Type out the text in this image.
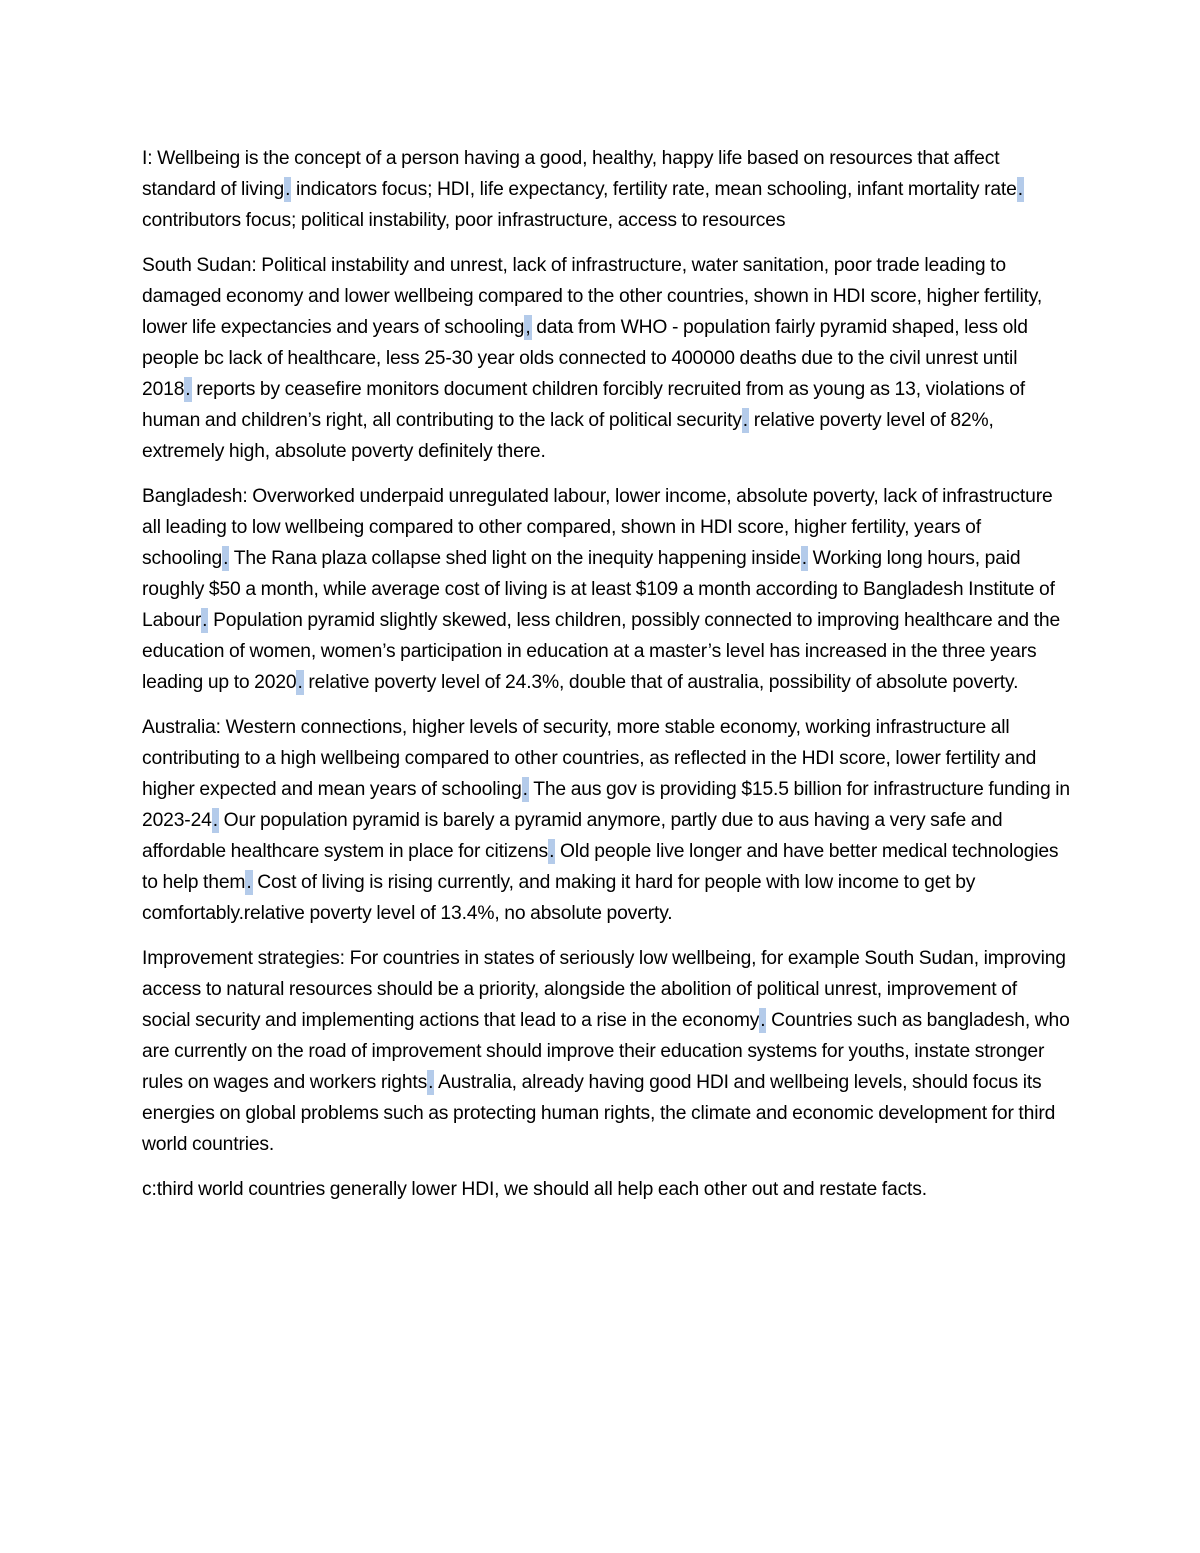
I: Wellbeing is the concept of a person having a good, healthy, happy life based on resources that affect standard of living. indicators focus; HDI, life expectancy, fertility rate, mean schooling, infant mortality rate. contributors focus; political instability, poor infrastructure, access to resources

South Sudan: Political instability and unrest, lack of infrastructure, water sanitation, poor trade leading to damaged economy and lower wellbeing compared to the other countries, shown in HDI score, higher fertility, lower life expectancies and years of schooling, data from WHO - population fairly pyramid shaped, less old people bc lack of healthcare, less 25-30 year olds connected to 400000 deaths due to the civil unrest until 2018. reports by ceasefire monitors document children forcibly recruited from as young as 13, violations of human and children’s right, all contributing to the lack of political security. relative poverty level of 82%, extremely high, absolute poverty definitely there.

Bangladesh: Overworked underpaid unregulated labour, lower income, absolute poverty, lack of infrastructure all leading to low wellbeing compared to other compared, shown in HDI score, higher fertility, years of schooling. The Rana plaza collapse shed light on the inequity happening inside. Working long hours, paid roughly $50 a month, while average cost of living is at least $109 a month according to Bangladesh Institute of Labour. Population pyramid slightly skewed, less children, possibly connected to improving healthcare and the education of women, women’s participation in education at a master’s level has increased in the three years leading up to 2020. relative poverty level of 24.3%, double that of australia, possibility of absolute poverty.

Australia: Western connections, higher levels of security, more stable economy, working infrastructure all contributing to a high wellbeing compared to other countries, as reflected in the HDI score, lower fertility and higher expected and mean years of schooling. The aus gov is providing $15.5 billion for infrastructure funding in 2023-24. Our population pyramid is barely a pyramid anymore, partly due to aus having a very safe and affordable healthcare system in place for citizens. Old people live longer and have better medical technologies to help them. Cost of living is rising currently, and making it hard for people with low income to get by comfortably.relative poverty level of 13.4%, no absolute poverty.

Improvement strategies: For countries in states of seriously low wellbeing, for example South Sudan, improving access to natural resources should be a priority, alongside the abolition of political unrest, improvement of social security and implementing actions that lead to a rise in the economy. Countries such as bangladesh, who are currently on the road of improvement should improve their education systems for youths, instate stronger rules on wages and workers rights. Australia, already having good HDI and wellbeing levels, should focus its energies on global problems such as protecting human rights, the climate and economic development for third world countries.

c:third world countries generally lower HDI, we should all help each other out and restate facts.
